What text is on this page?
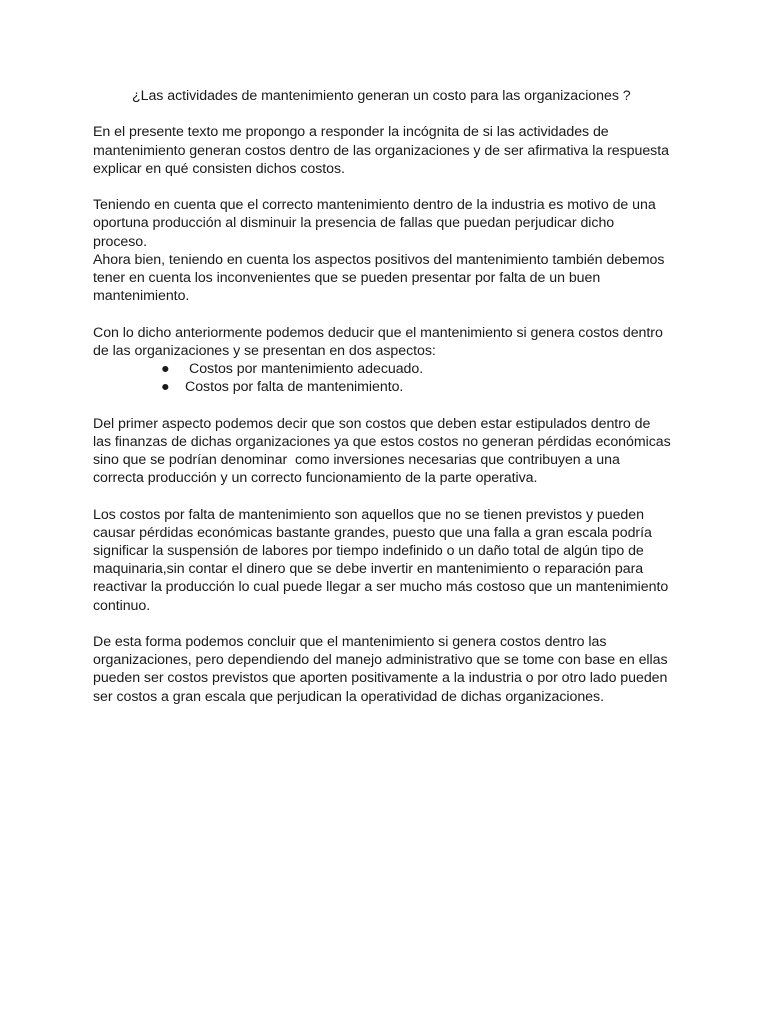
¿Las actividades de mantenimiento generan un costo para las organizaciones ?
En el presente texto me propongo a responder la incógnita de si las actividades de
mantenimiento generan costos dentro de las organizaciones y de ser afirmativa la respuesta
explicar en qué consisten dichos costos.
Teniendo en cuenta que el correcto mantenimiento dentro de la industria es motivo de una
oportuna producción al disminuir la presencia de fallas que puedan perjudicar dicho
proceso.
Ahora bien, teniendo en cuenta los aspectos positivos del mantenimiento también debemos
tener en cuenta los inconvenientes que se pueden presentar por falta de un buen
mantenimiento.
Con lo dicho anteriormente podemos deducir que el mantenimiento si genera costos dentro
de las organizaciones y se presentan en dos aspectos:
● Costos por mantenimiento adecuado.
● Costos por falta de mantenimiento.
Del primer aspecto podemos decir que son costos que deben estar estipulados dentro de
las finanzas de dichas organizaciones ya que estos costos no generan pérdidas económicas
sino que se podrían denominar  como inversiones necesarias que contribuyen a una
correcta producción y un correcto funcionamiento de la parte operativa.
Los costos por falta de mantenimiento son aquellos que no se tienen previstos y pueden
causar pérdidas económicas bastante grandes, puesto que una falla a gran escala podría
significar la suspensión de labores por tiempo indefinido o un daño total de algún tipo de
maquinaria,sin contar el dinero que se debe invertir en mantenimiento o reparación para
reactivar la producción lo cual puede llegar a ser mucho más costoso que un mantenimiento
continuo.
De esta forma podemos concluir que el mantenimiento si genera costos dentro las
organizaciones, pero dependiendo del manejo administrativo que se tome con base en ellas
pueden ser costos previstos que aporten positivamente a la industria o por otro lado pueden
ser costos a gran escala que perjudican la operatividad de dichas organizaciones.
